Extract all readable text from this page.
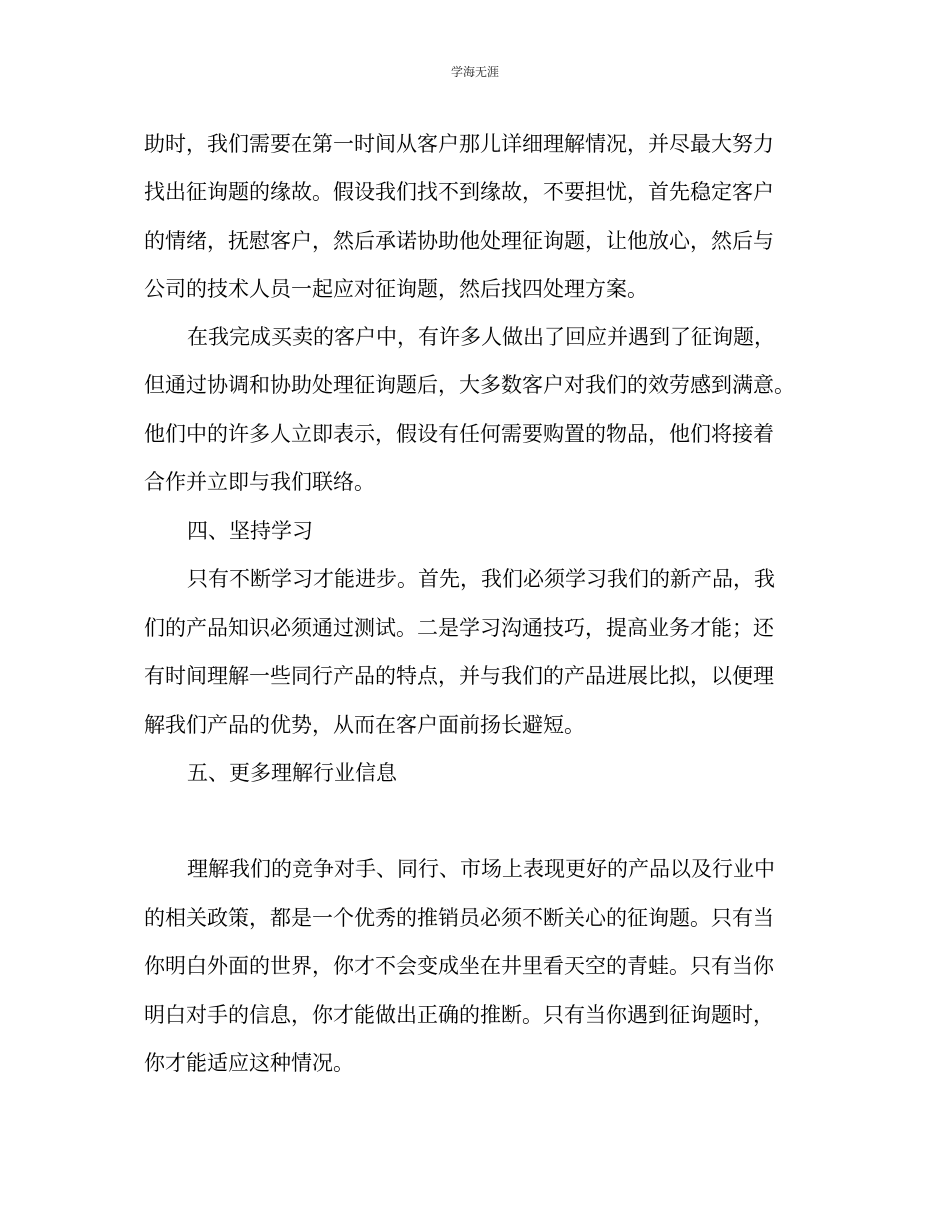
学海无涯
助时，我们需要在第一时间从客户那儿详细理解情况，并尽最大努力
找出征询题的缘故。假设我们找不到缘故，不要担忧，首先稳定客户
的情绪，抚慰客户，然后承诺协助他处理征询题，让他放心，然后与
公司的技术人员一起应对征询题，然后找四处理方案。
在我完成买卖的客户中，有许多人做出了回应并遇到了征询题，
但通过协调和协助处理征询题后，大多数客户对我们的效劳感到满意。
他们中的许多人立即表示，假设有任何需要购置的物品，他们将接着
合作并立即与我们联络。
四、坚持学习
只有不断学习才能进步。首先，我们必须学习我们的新产品，我
们的产品知识必须通过测试。二是学习沟通技巧，提高业务才能；还
有时间理解一些同行产品的特点，并与我们的产品进展比拟，以便理
解我们产品的优势，从而在客户面前扬长避短。
五、更多理解行业信息
理解我们的竞争对手、同行、市场上表现更好的产品以及行业中
的相关政策，都是一个优秀的推销员必须不断关心的征询题。只有当
你明白外面的世界，你才不会变成坐在井里看天空的青蛙。只有当你
明白对手的信息，你才能做出正确的推断。只有当你遇到征询题时，
你才能适应这种情况。
